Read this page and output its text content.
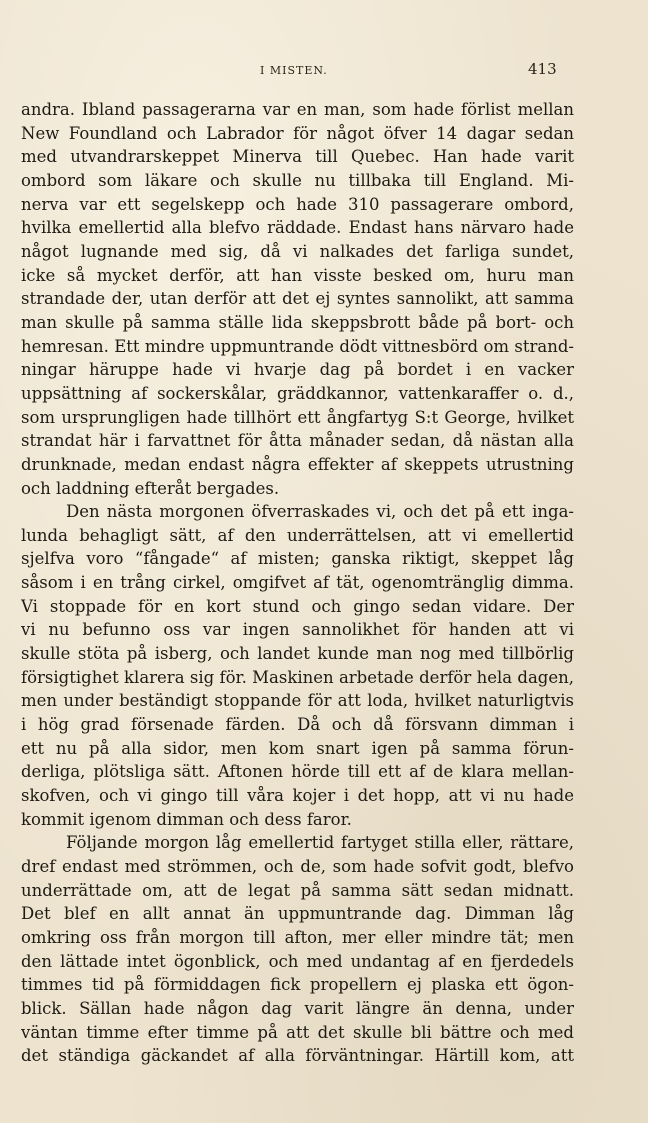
I MISTEN.	413
andra. Ibland passagerarna var en man, som hade förlist mellan
New Foundland och Labrador för något öfver 14 dagar sedan
med utvandrarskeppet Minerva till Quebec. Han hade varit
ombord som läkare och skulle nu tillbaka till England. Mi-
nerva var ett segelskepp och hade 310 passagerare ombord,
hvilka emellertid alla blefvo räddade. Endast hans närvaro hade
något lugnande med sig, då vi nalkades det farliga sundet,
icke så mycket derför, att han visste besked om, huru man
strandade der, utan derför att det ej syntes sannolikt, att samma
man skulle på samma ställe lida skeppsbrott både på bort- och
hemresan. Ett mindre uppmuntrande dödt vittnesbörd om strand-
ningar häruppe hade vi hvarje dag på bordet i en vacker
uppsättning af sockerskålar, gräddkannor, vattenkaraffer o. d.,
som ursprungligen hade tillhört ett ångfartyg S:t George, hvilket
strandat här i farvattnet för åtta månader sedan, då nästan alla
drunknade, medan endast några effekter af skeppets utrustning
och laddning efteråt bergades.
Den nästa morgonen öfverraskades vi, och det på ett inga-
lunda behagligt sätt, af den underrättelsen, att vi emellertid
sjelfva voro “fångade“ af misten; ganska riktigt, skeppet låg
såsom i en trång cirkel, omgifvet af tät, ogenomtränglig dimma.
Vi stoppade för en kort stund och gingo sedan vidare. Der
vi nu befunno oss var ingen sannolikhet för handen att vi
skulle stöta på isberg, och landet kunde man nog med tillbörlig
försigtighet klarera sig för. Maskinen arbetade derför hela dagen,
men under beständigt stoppande för att loda, hvilket naturligtvis
i hög grad försenade färden. Då och då försvann dimman i
ett nu på alla sidor, men kom snart igen på samma förun-
derliga, plötsliga sätt. Aftonen hörde till ett af de klara mellan-
skofven, och vi gingo till våra kojer i det hopp, att vi nu hade
kommit igenom dimman och dess faror.
Följande morgon låg emellertid fartyget stilla eller, rättare,
dref endast med strömmen, och de, som hade sofvit godt, blefvo
underrättade om, att de legat på samma sätt sedan midnatt.
Det blef en allt annat än uppmuntrande dag. Dimman låg
omkring oss från morgon till afton, mer eller mindre tät; men
den lättade intet ögonblick, och med undantag af en fjerdedels
timmes tid på förmiddagen fick propellern ej plaska ett ögon-
blick. Sällan hade någon dag varit längre än denna, under
väntan timme efter timme på att det skulle bli bättre och med
det ständiga gäckandet af alla förväntningar. Härtill kom, att
